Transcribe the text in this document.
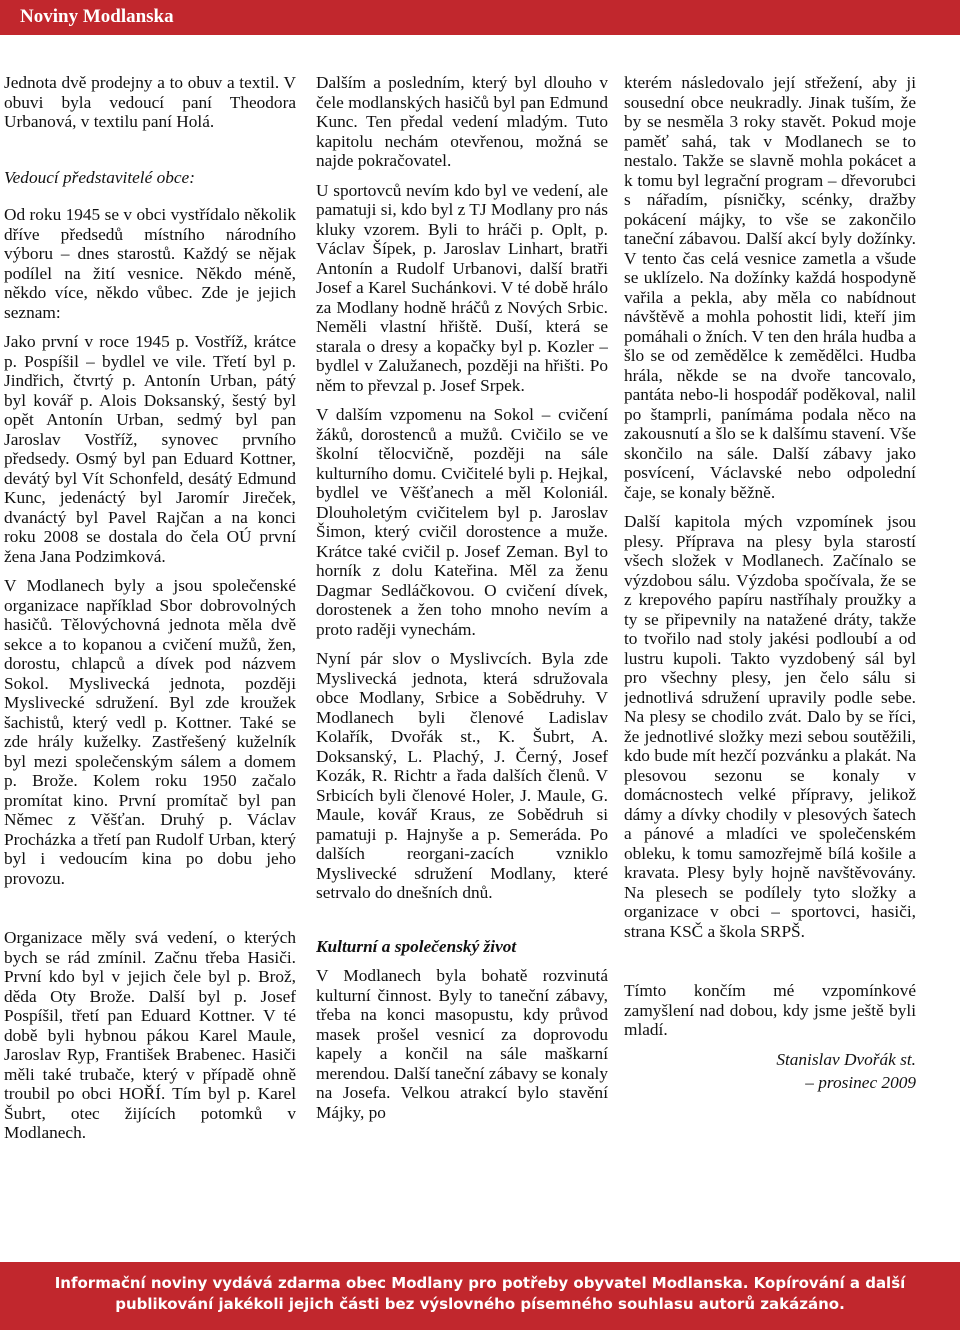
Noviny Modlanska

Jednota dvě prodejny a to obuv a textil. V obuvi byla vedoucí paní Theodora Urbanová, v textilu paní Holá.

Vedoucí představitelé obce:

Od roku 1945 se v obci vystřídalo několik dříve předsedů místního národního výboru – dnes starostů. Každý se nějak podílel na žití vesnice. Někdo méně, někdo více, někdo vůbec. Zde je jejich seznam:

Jako první v roce 1945 p. Vostříž, krátce p. Pospíšil – bydlel ve vile. Třetí byl p. Jindřich, čtvrtý p. Antonín Urban, pátý byl kovář p. Alois Doksanský, šestý byl opět Antonín Urban, sedmý byl pan Jaroslav Vostříž, synovec prvního předsedy. Osmý byl pan Eduard Kottner, devátý byl Vít Schonfeld, desátý Edmund Kunc, jedenáctý byl Jaromír Jireček, dvanáctý byl Pavel Rajčan a na konci roku 2008 se dostala do čela OÚ první žena Jana Podzimková.

V Modlanech byly a jsou společenské organizace například Sbor dobrovolných hasičů. Tělovýchovná jednota měla dvě sekce a to kopanou a cvičení mužů, žen, dorostu, chlapců a dívek pod názvem Sokol. Myslivecká jednota, později Myslivecké sdružení. Byl zde kroužek šachistů, který vedl p. Kottner. Také se zde hrály kuželky. Zastřešený kuželník byl mezi společenským sálem a domem p. Brože. Kolem roku 1950 začalo promítat kino. První promítač byl pan Němec z Věšťan. Druhý p. Václav Procházka a třetí pan Rudolf Urban, který byl i vedoucím kina po dobu jeho provozu.

Organizace měly svá vedení, o kterých bych se rád zmínil. Začnu třeba Hasiči. První kdo byl v jejich čele byl p. Brož, děda Oty Brože. Další byl p. Josef Pospíšil, třetí pan Eduard Kottner. V té době byli hybnou pákou Karel Maule, Jaroslav Ryp, František Brabenec. Hasiči měli také trubače, který v případě ohně troubil po obci HOŘÍ. Tím byl p. Karel Šubrt, otec žijících potomků v Modlanech.

Dalším a posledním, který byl dlouho v čele modlanských hasičů byl pan Edmund Kunc. Ten předal vedení mladým. Tuto kapitolu nechám otevřenou, možná se najde pokračovatel.

U sportovců nevím kdo byl ve vedení, ale pamatuji si, kdo byl z TJ Modlany pro nás kluky vzorem. Byli to hráči p. Oplt, p. Václav Šípek, p. Jaroslav Linhart, bratři Antonín a Rudolf Urbanovi, další bratři Josef a Karel Suchánkovi. V té době hrálo za Modlany hodně hráčů z Nových Srbic. Neměli vlastní hřiště. Duší, která se starala o dresy a kopačky byl p. Kozler – bydlel v Zalužanech, později na hřišti. Po něm to převzal p. Josef Srpek.

V dalším vzpomenu na Sokol – cvičení žáků, dorostenců a mužů. Cvičilo se ve školní tělocvičně, později na sále kulturního domu. Cvičitelé byli p. Hejkal, bydlel ve Věšťanech a měl Koloniál. Dlouholetým cvičitelem byl p. Jaroslav Šimon, který cvičil dorostence a muže. Krátce také cvičil p. Josef Zeman. Byl to horník z dolu Kateřina. Měl za ženu Dagmar Sedláčkovou. O cvičení dívek, dorostenek a žen toho mnoho nevím a proto raději vynechám.

Nyní pár slov o Myslivcích. Byla zde Myslivecká jednota, která sdružovala obce Modlany, Srbice a Sobědruhy. V Modlanech byli členové Ladislav Kolařík, Dvořák st., K. Šubrt, A. Doksanský, L. Plachý, J. Černý, Josef Kozák, R. Richtr a řada dalších členů. V Srbicích byli členové Holer, J. Maule, G. Maule, kovář Kraus, ze Sobědruh si pamatuji p. Hajnyše a p. Semeráda. Po dalších reorgani-zacích vzniklo Myslivecké sdružení Modlany, které setrvalo do dnešních dnů.

Kulturní a společenský život

V Modlanech byla bohatě rozvinutá kulturní činnost. Byly to taneční zábavy, třeba na konci masopustu, kdy průvod masek prošel vesnicí za doprovodu kapely a končil na sále maškarní merendou. Další taneční zábavy se konaly na Josefa. Velkou atrakcí bylo stavění Májky, po

kterém následovalo její střežení, aby ji sousední obce neukradly. Jinak tuším, že by se nesměla 3 roky stavět. Pokud moje paměť sahá, tak v Modlanech se to nestalo. Takže se slavně mohla pokácet a k tomu byl legrační program – dřevorubci s nářadím, písničky, scénky, dražby pokácení májky, to vše se zakončilo taneční zábavou. Další akcí byly dožínky. V tento čas celá vesnice zametla a všude se uklízelo. Na dožínky každá hospodyně vařila a pekla, aby měla co nabídnout návštěvě a mohla pohostit lidi, kteří jim pomáhali o žních. V ten den hrála hudba a šlo se od zemědělce k zemědělci. Hudba hrála, někde se na dvoře tancovalo, pantáta nebo-li hospodář poděkoval, nalil po štamprli, panímáma podala něco na zakousnutí a šlo se k dalšímu stavení. Vše skončilo na sále. Další zábavy jako posvícení, Václavské nebo odpolední čaje, se konaly běžně.

Další kapitola mých vzpomínek jsou plesy. Příprava na plesy byla starostí všech složek v Modlanech. Začínalo se výzdobou sálu. Výzdoba spočívala, že se z krepového papíru nastříhaly proužky a ty se připevnily na natažené dráty, takže to tvořilo nad stoly jakési podloubí a od lustru kupoli. Takto vyzdobený sál byl pro všechny plesy, jen čelo sálu si jednotlivá sdružení upravily podle sebe. Na plesy se chodilo zvát. Dalo by se říci, že jednotlivé složky mezi sebou soutěžili, kdo bude mít hezčí pozvánku a plakát. Na plesovou sezonu se konaly v domácnostech velké přípravy, jelikož dámy a dívky chodily v plesových šatech a pánové a mladíci ve společenském obleku, k tomu samozřejmě bílá košile a kravata. Plesy byly hojně navštěvovány. Na plesech se podílely tyto složky a organizace v obci – sportovci, hasiči, strana KSČ a škola SRPŠ.

Tímto končím mé vzpomínkové zamyšlení nad dobou, kdy jsme ještě byli mladí.

Stanislav Dvořák st.

– prosinec 2009

Informační noviny vydává zdarma obec Modlany pro potřeby obyvatel Modlanska. Kopírování a další
publikování jakékoli jejich části bez výslovného písemného souhlasu autorů zakázáno.
